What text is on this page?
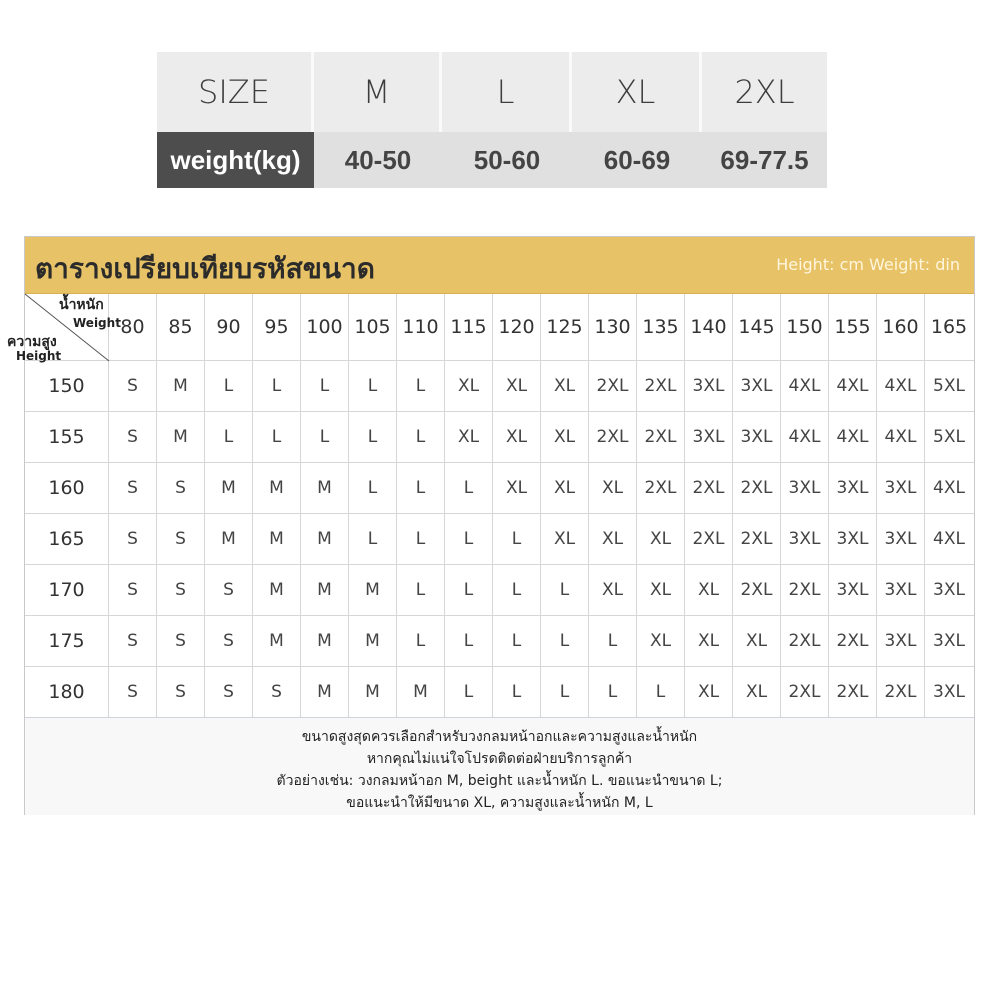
SIZE	M	L	XL	2XL
weight(kg)	40-50	50-60	60-69	69-77.5
ตารางเปรียบเทียบรหัสขนาด	Height: cm Weight: din
น้ำหนัก
Weight
ความสูง
Height
80	85	90	95 100 105 110 115 120 125 130 135 140 145 150 155 160 165
150	S	M	L	L	L	L	L	XL	XL	XL	2XL 2XL 3XL 3XL 4XL 4XL 4XL 5XL
155	S	M	L	L	L	L	L	XL	XL	XL	2XL 2XL 3XL 3XL 4XL 4XL 4XL 5XL
160	S	S	M	M	M	L	L	L	XL	XL	XL	2XL 2XL 2XL 3XL 3XL 3XL 4XL
165	S	S	M	M	M	L	L	L	L	XL	XL	XL	2XL 2XL 3XL 3XL 3XL 4XL
170	S	S	S	M	M	M	L	L	L	L	XL	XL	XL	2XL 2XL 3XL 3XL 3XL
175	S	S	S	M	M	M	L	L	L	L	L	XL	XL	XL	2XL 2XL 3XL 3XL
180	S	S	S	S	M	M	M	L	L	L	L	L	XL	XL	2XL 2XL 2XL 3XL
ขนาดสูงสุดควรเลือกสำหรับวงกลมหน้าอกและความสูงและน้ำหนัก
หากคุณไม่แน่ใจโปรดติดต่อฝ่ายบริการลูกค้า
ตัวอย่างเช่น: วงกลมหน้าอก M, beight และน้ำหนัก L. ขอแนะนำขนาด L;
ขอแนะนำให้มีขนาด XL, ความสูงและน้ำหนัก M, L
